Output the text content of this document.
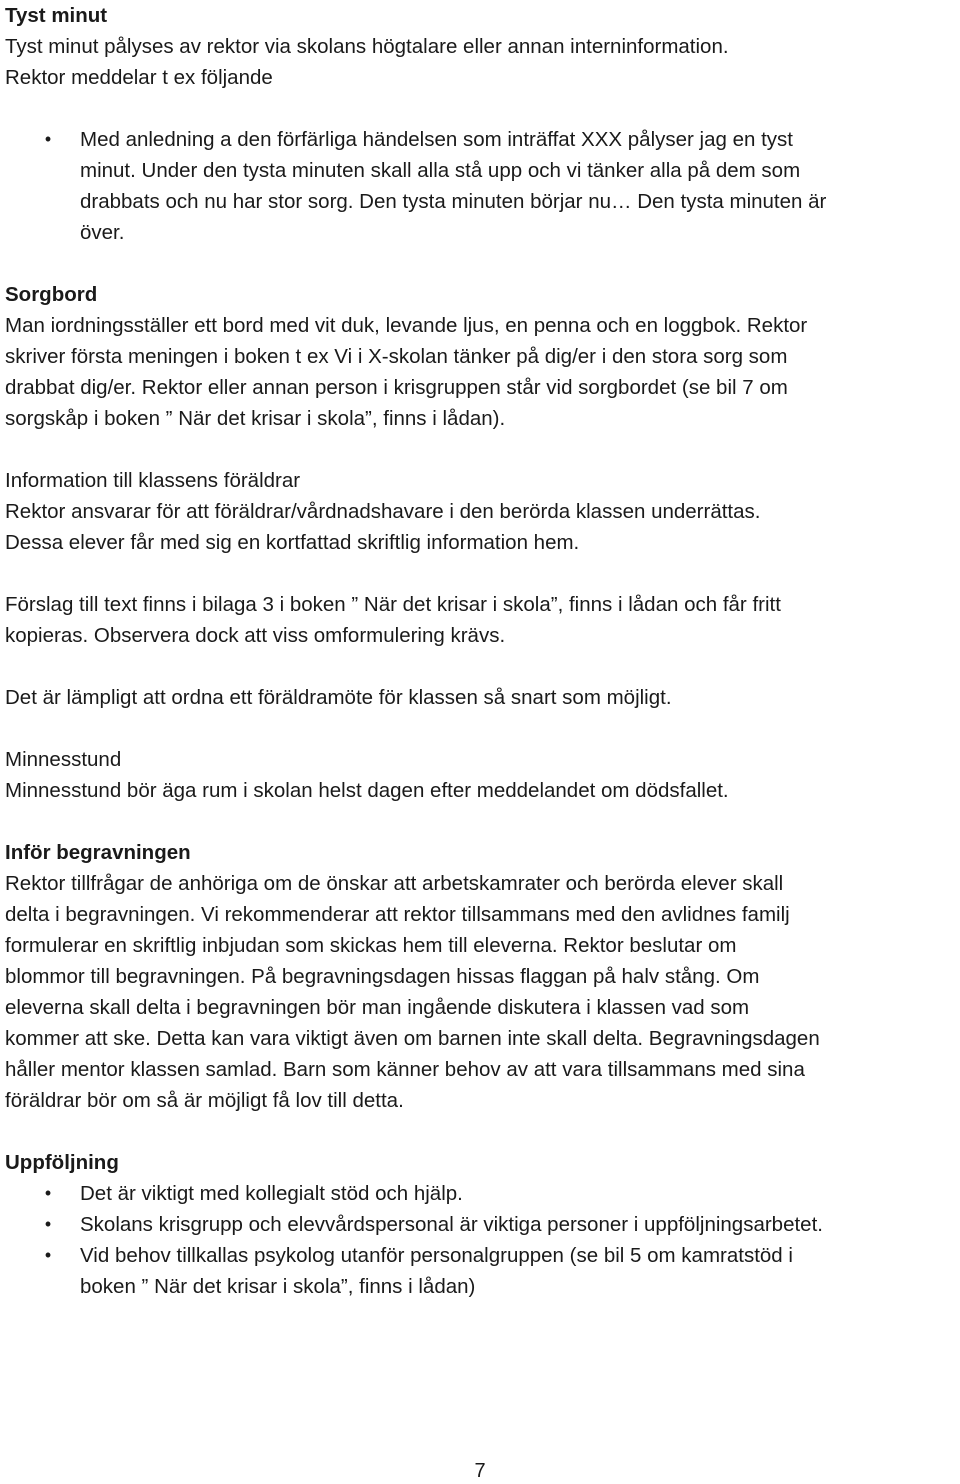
Tyst minut
Tyst minut pålyses av rektor via skolans högtalare eller annan interninformation.
Rektor meddelar t ex följande
•	Med anledning a den förfärliga händelsen som inträffat XXX pålyser jag en tyst
minut. Under den tysta minuten skall alla stå upp och vi tänker alla på dem som
drabbats och nu har stor sorg. Den tysta minuten börjar nu… Den tysta minuten är
över.
Sorgbord
Man iordningsställer ett bord med vit duk, levande ljus, en penna och en loggbok. Rektor
skriver första meningen i boken t ex Vi i X-skolan tänker på dig/er i den stora sorg som
drabbat dig/er. Rektor eller annan person i krisgruppen står vid sorgbordet (se bil 7 om
sorgskåp i boken ” När det krisar i skola”, finns i lådan).
Information till klassens föräldrar
Rektor ansvarar för att föräldrar/vårdnadshavare i den berörda klassen underrättas.
Dessa elever får med sig en kortfattad skriftlig information hem.
Förslag till text finns i bilaga 3 i boken ” När det krisar i skola”, finns i lådan och får fritt
kopieras. Observera dock att viss omformulering krävs.
Det är lämpligt att ordna ett föräldramöte för klassen så snart som möjligt.
Minnesstund
Minnesstund bör äga rum i skolan helst dagen efter meddelandet om dödsfallet.
Inför begravningen
Rektor tillfrågar de anhöriga om de önskar att arbetskamrater och berörda elever skall
delta i begravningen. Vi rekommenderar att rektor tillsammans med den avlidnes familj
formulerar en skriftlig inbjudan som skickas hem till eleverna. Rektor beslutar om
blommor till begravningen. På begravningsdagen hissas flaggan på halv stång. Om
eleverna skall delta i begravningen bör man ingående diskutera i klassen vad som
kommer att ske. Detta kan vara viktigt även om barnen inte skall delta. Begravningsdagen
håller mentor klassen samlad. Barn som känner behov av att vara tillsammans med sina
föräldrar bör om så är möjligt få lov till detta.
Uppföljning
•	Det är viktigt med kollegialt stöd och hjälp.
•	Skolans krisgrupp och elevvårdspersonal är viktiga personer i uppföljningsarbetet.
•	Vid behov tillkallas psykolog utanför personalgruppen (se bil 5 om kamratstöd i
boken ” När det krisar i skola”, finns i lådan)
7
